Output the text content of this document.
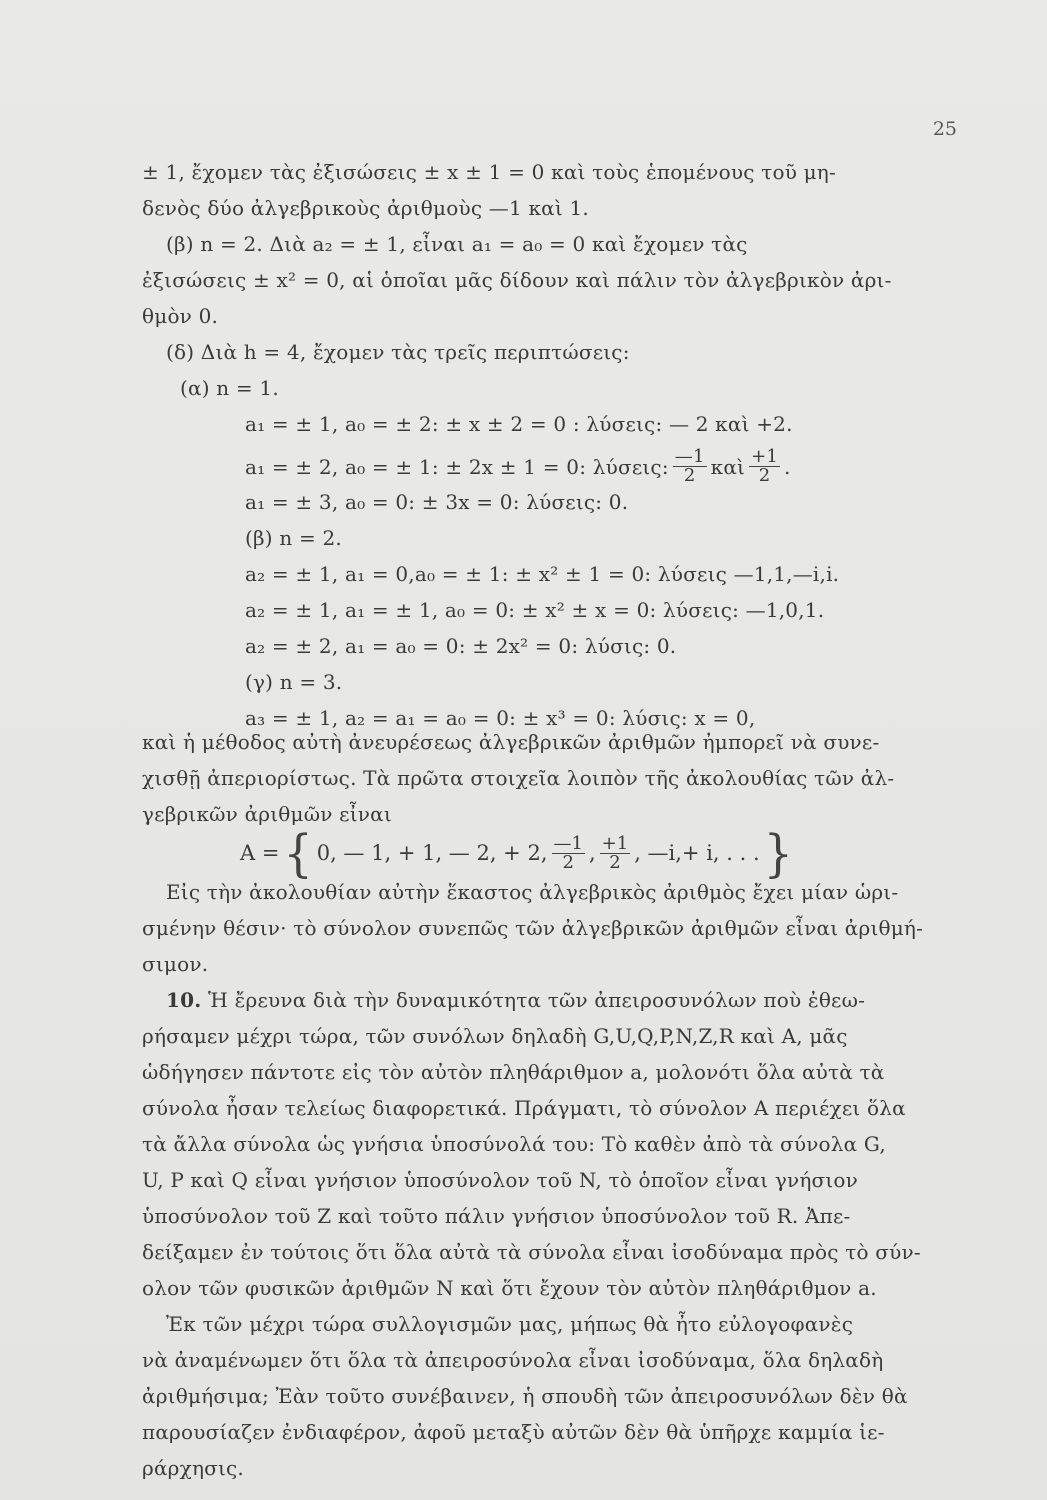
25
± 1, ἔχομεν τὰς ἐξισώσεις ± x ± 1 = 0 καὶ τοὺς ἑπομένους τοῦ μη-
δενὸς δύο ἀλγεβρικοὺς ἀριθμοὺς —1 καὶ 1.
(β) n = 2. Διὰ a₂ = ± 1, εἶναι a₁ = a₀ = 0 καὶ ἔχομεν τὰς
ἐξισώσεις ± x² = 0, αἱ ὁποῖαι μᾶς δίδουν καὶ πάλιν τὸν ἀλγεβρικὸν ἀρι-
θμὸν 0.
(δ) Διὰ h = 4, ἔχομεν τὰς τρεῖς περιπτώσεις:
(α) n = 1.
a₁ = ± 1, a₀ = ± 2: ± x ± 2 = 0 : λύσεις: — 2 καὶ +2.
a₁ = ± 2, a₀ = ± 1: ± 2x ± 1 = 0: λύσεις: $\frac{—1}{2}$ καὶ $\frac{+1}{2}$ .
a₁ = ± 3, a₀ = 0: ± 3x = 0: λύσεις: 0.
(β) n = 2.
a₂ = ± 1, a₁ = 0,a₀ = ± 1: ± x² ± 1 = 0: λύσεις —1,1,—i,i.
a₂ = ± 1, a₁ = ± 1, a₀ = 0: ± x² ± x = 0: λύσεις: —1,0,1.
a₂ = ± 2, a₁ = a₀ = 0: ± 2x² = 0: λύσις: 0.
(γ) n = 3.
a₃ = ± 1, a₂ = a₁ = a₀ = 0: ± x³ = 0: λύσις: x = 0,
καὶ ἡ μέθοδος αὐτὴ ἀνευρέσεως ἀλγεβρικῶν ἀριθμῶν ἠμπορεῖ νὰ συνε-
χισθῇ ἀπεριορίστως. Τὰ πρῶτα στοιχεῖα λοιπὸν τῆς ἀκολουθίας τῶν ἀλ-
γεβρικῶν ἀριθμῶν εἶναι
A = { 0, — 1, + 1, — 2, + 2, $\frac{—1}{2}$ , $\frac{+1}{2}$ , —i,+ i, . . . }
Εἰς τὴν ἀκολουθίαν αὐτὴν ἕκαστος ἀλγεβρικὸς ἀριθμὸς ἔχει μίαν ὡρι-
σμένην θέσιν· τὸ σύνολον συνεπῶς τῶν ἀλγεβρικῶν ἀριθμῶν εἶναι ἀριθμή-
σιμον.
10. Ἡ ἔρευνα διὰ τὴν δυναμικότητα τῶν ἀπειροσυνόλων ποὺ ἐθεω-
ρήσαμεν μέχρι τώρα, τῶν συνόλων δηλαδὴ G,U,Q,P,N,Z,R καὶ A, μᾶς
ὡδήγησεν πάντοτε εἰς τὸν αὐτὸν πληθάριθμον a, μολονότι ὅλα αὐτὰ τὰ
σύνολα ἦσαν τελείως διαφορετικά. Πράγματι, τὸ σύνολον A περιέχει ὅλα
τὰ ἄλλα σύνολα ὡς γνήσια ὑποσύνολά του: Τὸ καθὲν ἀπὸ τὰ σύνολα G,
U, P καὶ Q εἶναι γνήσιον ὑποσύνολον τοῦ N, τὸ ὁποῖον εἶναι γνήσιον
ὑποσύνολον τοῦ Z καὶ τοῦτο πάλιν γνήσιον ὑποσύνολον τοῦ R. Ἀπε-
δείξαμεν ἐν τούτοις ὅτι ὅλα αὐτὰ τὰ σύνολα εἶναι ἰσοδύναμα πρὸς τὸ σύν-
ολον τῶν φυσικῶν ἀριθμῶν N καὶ ὅτι ἔχουν τὸν αὐτὸν πληθάριθμον a.
Ἐκ τῶν μέχρι τώρα συλλογισμῶν μας, μήπως θὰ ἦτο εὐλογοφανὲς
νὰ ἀναμένωμεν ὅτι ὅλα τὰ ἀπειροσύνολα εἶναι ἰσοδύναμα, ὅλα δηλαδὴ
ἀριθμήσιμα; Ἐὰν τοῦτο συνέβαινεν, ἡ σπουδὴ τῶν ἀπειροσυνόλων δὲν θὰ
παρουσίαζεν ἐνδιαφέρον, ἀφοῦ μεταξὺ αὐτῶν δὲν θὰ ὑπῆρχε καμμία ἱε-
ράρχησις.
